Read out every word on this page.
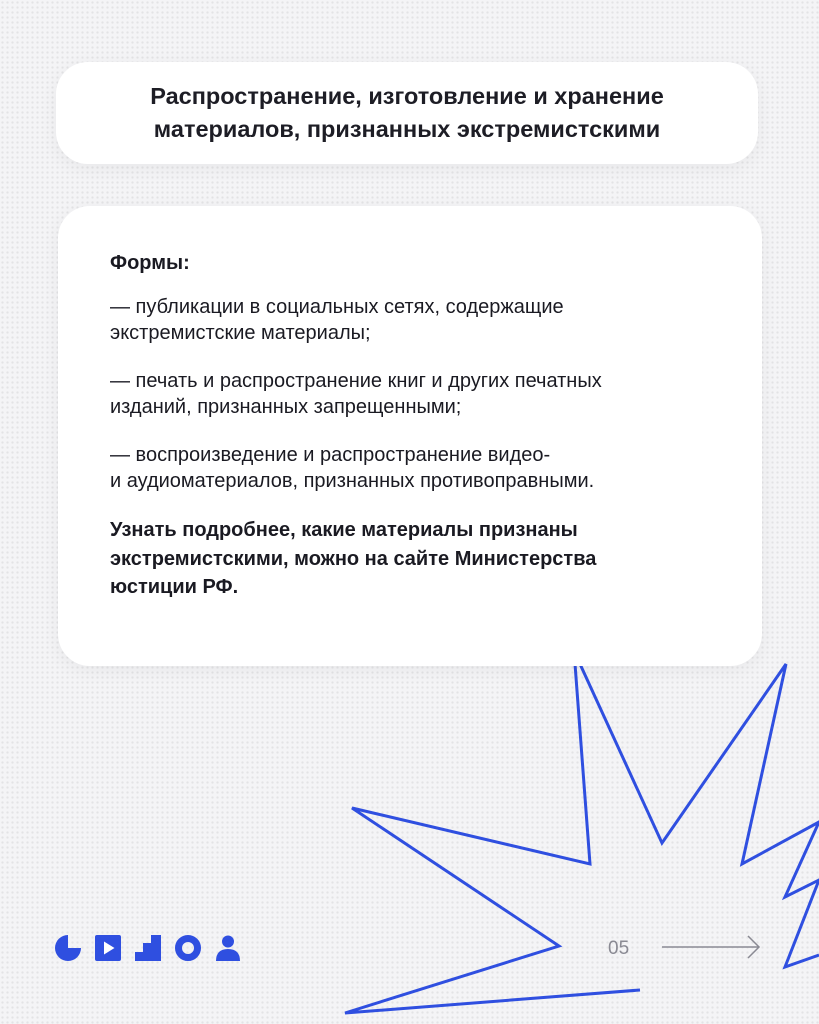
Распространение, изготовление и хранение
материалов, признанных экстремистскими
Формы:
— публикации в социальных сетях, содержащие
экстремистские материалы;
— печать и распространение книг и других печатных
изданий, признанных запрещенными;
— воспроизведение и распространение видео-
и аудиоматериалов, признанных противоправными.
Узнать подробнее, какие материалы признаны
экстремистскими, можно на сайте Министерства
юстиции РФ.
05
